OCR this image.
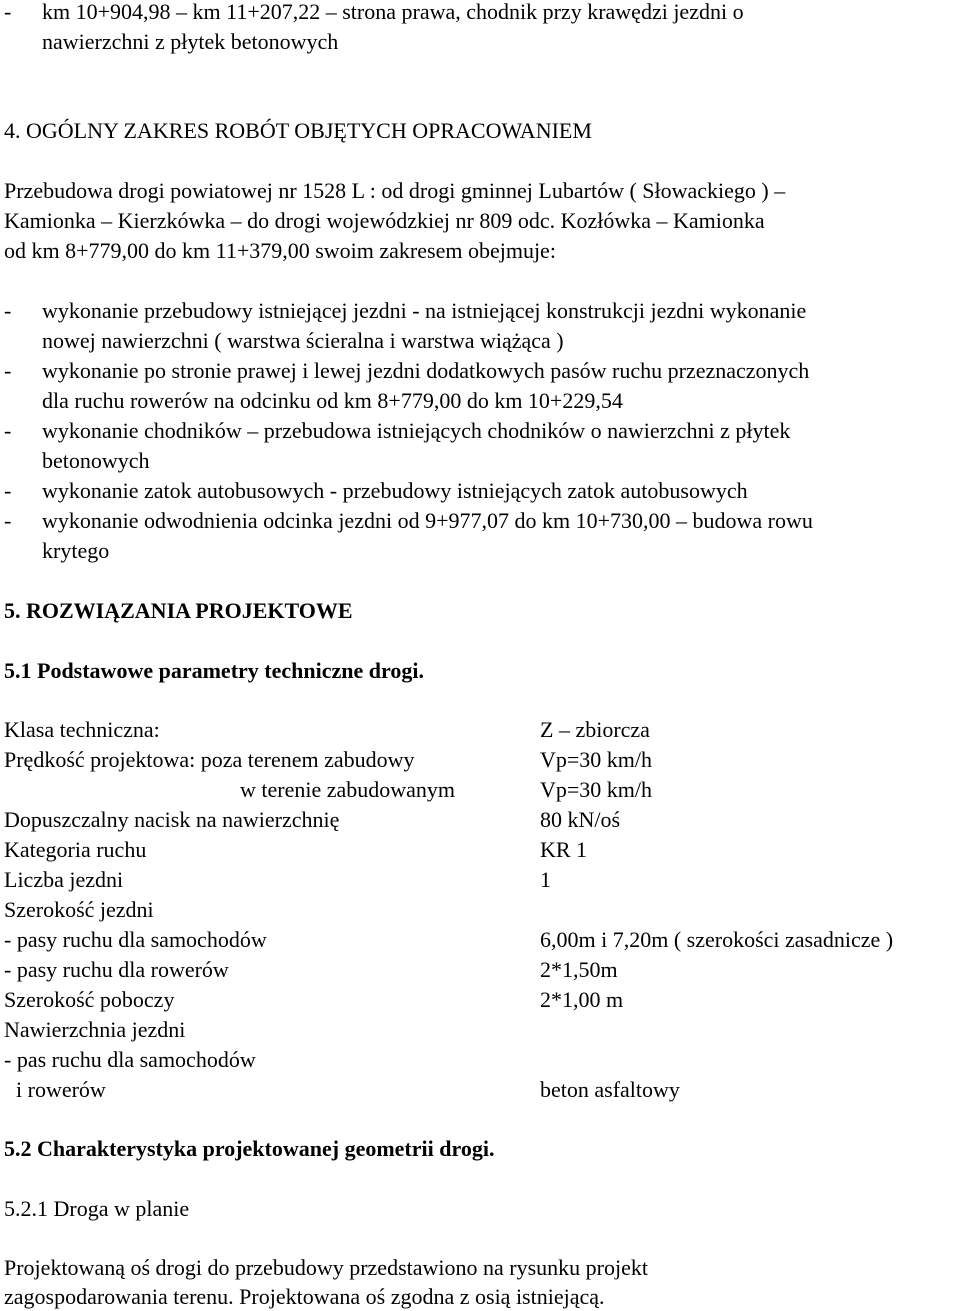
- km 10+904,98 – km 11+207,22 – strona prawa, chodnik przy krawędzi jezdni o
nawierzchni z płytek betonowych
4. OGÓLNY ZAKRES ROBÓT OBJĘTYCH OPRACOWANIEM
Przebudowa drogi powiatowej nr 1528 L : od drogi gminnej Lubartów ( Słowackiego ) –
Kamionka – Kierzkówka – do drogi wojewódzkiej nr 809 odc. Kozłówka – Kamionka
od km 8+779,00 do km 11+379,00 swoim zakresem obejmuje:
- wykonanie przebudowy istniejącej jezdni - na istniejącej konstrukcji jezdni wykonanie
nowej nawierzchni ( warstwa ścieralna i warstwa wiążąca )
- wykonanie po stronie prawej i lewej jezdni dodatkowych pasów ruchu przeznaczonych
dla ruchu rowerów na odcinku od km 8+779,00 do km 10+229,54
- wykonanie chodników – przebudowa istniejących chodników o nawierzchni z płytek
betonowych
- wykonanie zatok autobusowych - przebudowy istniejących zatok autobusowych
- wykonanie odwodnienia odcinka jezdni od 9+977,07 do km 10+730,00 – budowa rowu
krytego
5. ROZWIĄZANIA PROJEKTOWE
5.1 Podstawowe parametry techniczne drogi.
Klasa techniczna:	Z – zbiorcza
Prędkość projektowa: poza terenem zabudowy	Vp=30 km/h
w terenie zabudowanym	Vp=30 km/h
Dopuszczalny nacisk na nawierzchnię	80 kN/oś
Kategoria ruchu	KR 1
Liczba jezdni	1
Szerokość jezdni
- pasy ruchu dla samochodów	6,00m i 7,20m ( szerokości zasadnicze )
- pasy ruchu dla rowerów	2*1,50m
Szerokość poboczy	2*1,00 m
Nawierzchnia jezdni
- pas ruchu dla samochodów
i rowerów	beton asfaltowy
5.2 Charakterystyka projektowanej geometrii drogi.
5.2.1 Droga w planie
Projektowaną oś drogi do przebudowy przedstawiono na rysunku projekt
zagospodarowania terenu. Projektowana oś zgodna z osią istniejącą.
